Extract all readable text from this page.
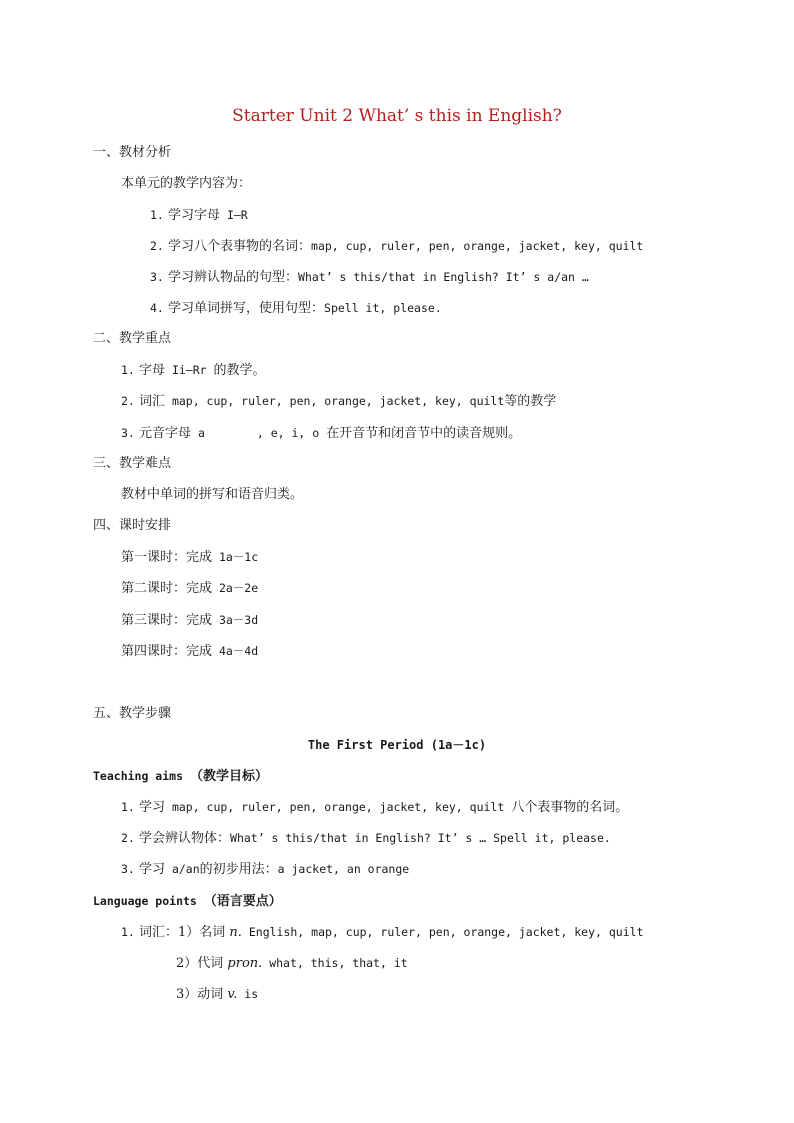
Starter Unit 2 What’ s this in English?
一、教材分析
本单元的教学内容为：
1. 学习字母 I—R
2. 学习八个表事物的名词：map, cup, ruler, pen, orange, jacket, key, quilt
3. 学习辨认物品的句型：What’ s this/that in English? It’ s a/an …
4. 学习单词拼写，使用句型：Spell it, please.
二、教学重点
1. 字母 Ii—Rr 的教学。
2. 词汇 map, cup, ruler, pen, orange, jacket, key, quilt等的教学
3. 元音字母 a	, e, i, o 在开音节和闭音节中的读音规则。
三、教学难点
教材中单词的拼写和语音归类。
四、课时安排
第一课时：完成 1a－1c
第二课时：完成 2a－2e
第三课时：完成 3a－3d
第四课时：完成 4a－4d
五、教学步骤
The First Period (1a－1c)
Teaching aims （教学目标）
1. 学习 map, cup, ruler, pen, orange, jacket, key, quilt 八个表事物的名词。
2. 学会辨认物体：What’ s this/that in English? It’ s … Spell it, please.
3. 学习 a/an的初步用法：a jacket, an orange
Language points （语言要点）
1. 词汇：1）名词 n. English, map, cup, ruler, pen, orange, jacket, key, quilt
2）代词 pron. what, this, that, it
3）动词 v. is
